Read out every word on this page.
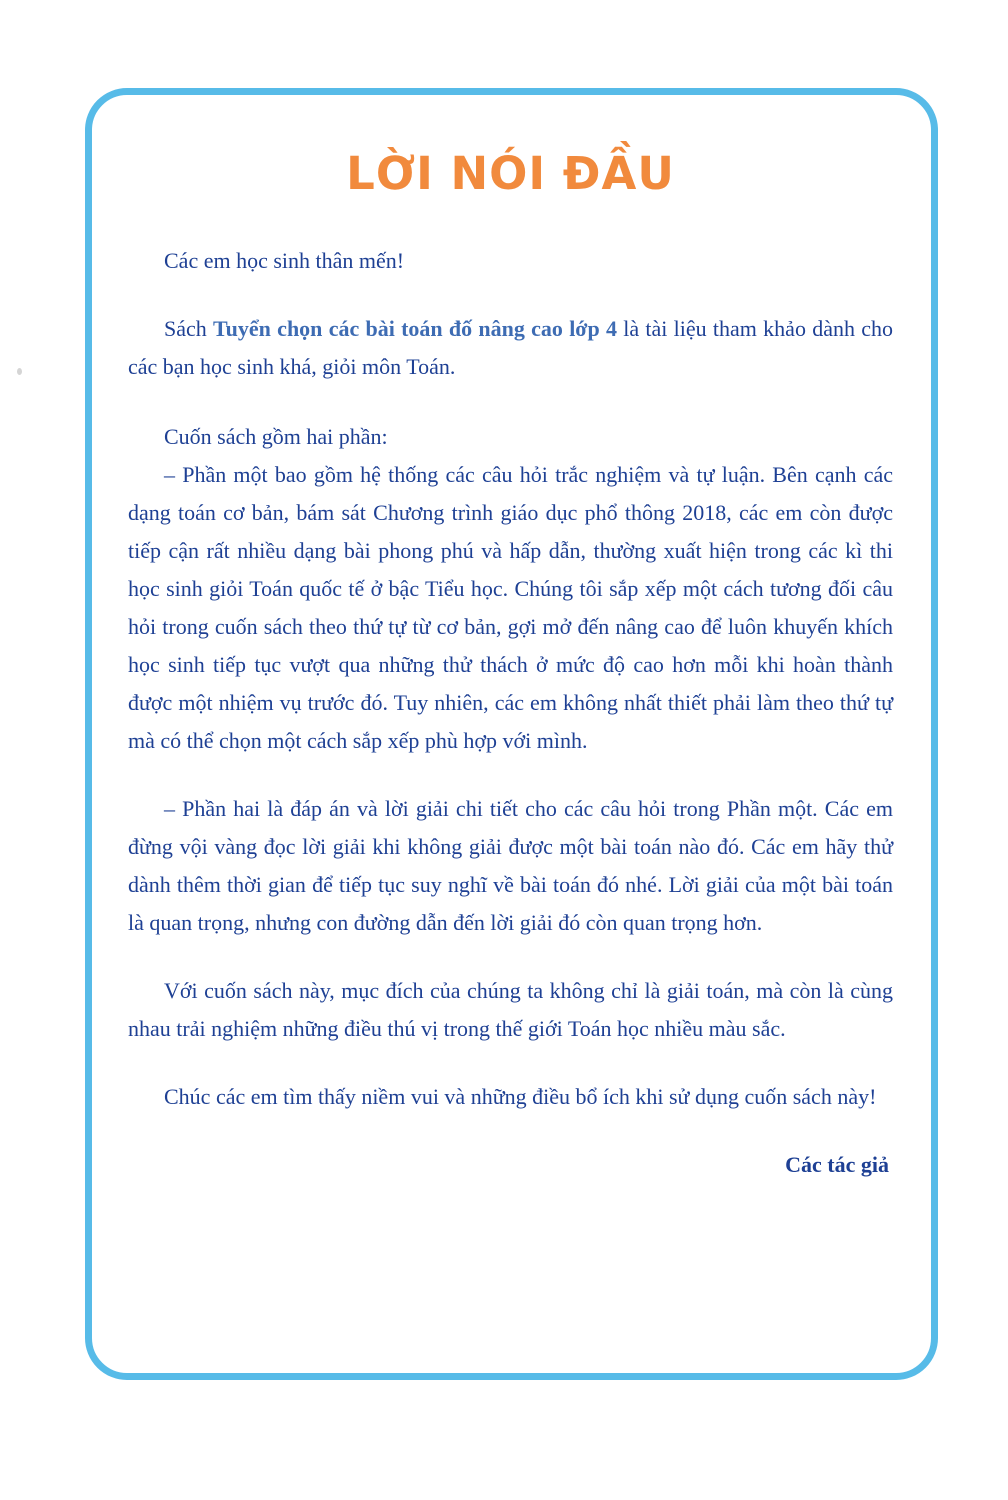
LỜI NÓI ĐẦU

Các em học sinh thân mến!

Sách Tuyển chọn các bài toán đố nâng cao lớp 4 là tài liệu tham khảo dành cho các bạn học sinh khá, giỏi môn Toán.

Cuốn sách gồm hai phần:

– Phần một bao gồm hệ thống các câu hỏi trắc nghiệm và tự luận. Bên cạnh các dạng toán cơ bản, bám sát Chương trình giáo dục phổ thông 2018, các em còn được tiếp cận rất nhiều dạng bài phong phú và hấp dẫn, thường xuất hiện trong các kì thi học sinh giỏi Toán quốc tế ở bậc Tiểu học. Chúng tôi sắp xếp một cách tương đối câu hỏi trong cuốn sách theo thứ tự từ cơ bản, gợi mở đến nâng cao để luôn khuyến khích học sinh tiếp tục vượt qua những thử thách ở mức độ cao hơn mỗi khi hoàn thành được một nhiệm vụ trước đó. Tuy nhiên, các em không nhất thiết phải làm theo thứ tự mà có thể chọn một cách sắp xếp phù hợp với mình.

– Phần hai là đáp án và lời giải chi tiết cho các câu hỏi trong Phần một. Các em đừng vội vàng đọc lời giải khi không giải được một bài toán nào đó. Các em hãy thử dành thêm thời gian để tiếp tục suy nghĩ về bài toán đó nhé. Lời giải của một bài toán là quan trọng, nhưng con đường dẫn đến lời giải đó còn quan trọng hơn.

Với cuốn sách này, mục đích của chúng ta không chỉ là giải toán, mà còn là cùng nhau trải nghiệm những điều thú vị trong thế giới Toán học nhiều màu sắc.

Chúc các em tìm thấy niềm vui và những điều bổ ích khi sử dụng cuốn sách này!

Các tác giả
